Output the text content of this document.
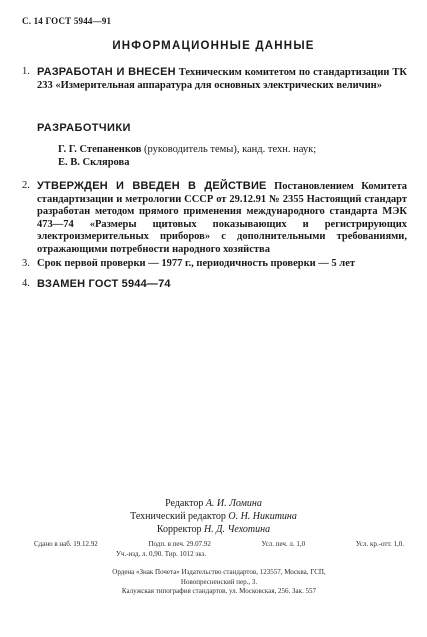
С. 14 ГОСТ 5944—91
ИНФОРМАЦИОННЫЕ ДАННЫЕ
1. РАЗРАБОТАН И ВНЕСЕН Техническим комитетом по стандартизации ТК 233 «Измерительная аппаратура для основных электрических величин»
РАЗРАБОТЧИКИ
Г. Г. Степаненков (руководитель темы), канд. техн. наук;
Е. В. Склярова
2. УТВЕРЖДЕН И ВВЕДЕН В ДЕЙСТВИЕ Постановлением Комитета стандартизации и метрологии СССР от 29.12.91 № 2355 Настоящий стандарт разработан методом прямого применения международного стандарта МЭК 473—74 «Размеры щитовых показывающих и регистрирующих электроизмерительных приборов» с дополнительными требованиями, отражающими потребности народного хозяйства
3. Срок первой проверки — 1977 г., периодичность проверки — 5 лет
4. ВЗАМЕН ГОСТ 5944—74
Редактор А. И. Ломина
Технический редактор О. Н. Никитина
Корректор Н. Д. Чехотина
Сдано в наб. 19.12.92	Подп. в печ. 29.07.92	Усл. печ. л. 1,0	Усл. кр.-отт. 1,0.
Уч.-изд. л. 0,90. Тир. 1012 экз.
Ордена «Знак Почета» Издательство стандартов, 123557, Москва, ГСП,
Новопресненский пер., 3.
Калужская типография стандартов, ул. Московская, 256. Зак. 557
